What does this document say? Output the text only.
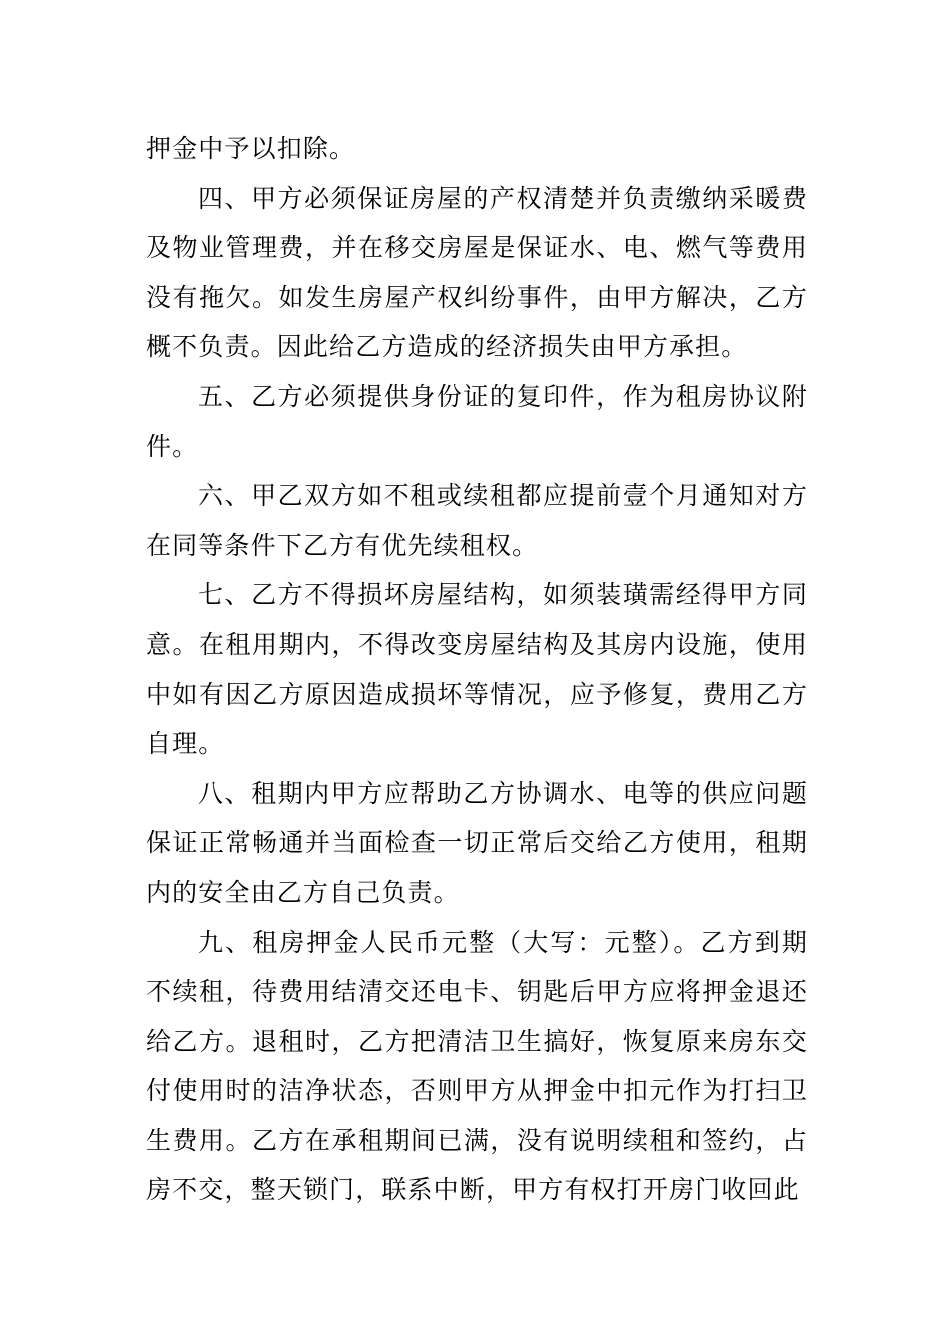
押金中予以扣除。

四、甲方必须保证房屋的产权清楚并负责缴纳采暖费及物业管理费，并在移交房屋是保证水、电、燃气等费用没有拖欠。如发生房屋产权纠纷事件，由甲方解决，乙方概不负责。因此给乙方造成的经济损失由甲方承担。

五、乙方必须提供身份证的复印件，作为租房协议附件。

六、甲乙双方如不租或续租都应提前壹个月通知对方在同等条件下乙方有优先续租权。

七、乙方不得损坏房屋结构，如须装璜需经得甲方同意。在租用期内，不得改变房屋结构及其房内设施，使用中如有因乙方原因造成损坏等情况，应予修复，费用乙方自理。

八、租期内甲方应帮助乙方协调水、电等的供应问题保证正常畅通并当面检查一切正常后交给乙方使用，租期内的安全由乙方自己负责。

九、租房押金人民币元整（大写：元整）。乙方到期不续租，待费用结清交还电卡、钥匙后甲方应将押金退还给乙方。退租时，乙方把清洁卫生搞好，恢复原来房东交付使用时的洁净状态，否则甲方从押金中扣元作为打扫卫生费用。乙方在承租期间已满，没有说明续租和签约，占房不交，整天锁门，联系中断，甲方有权打开房门收回此
